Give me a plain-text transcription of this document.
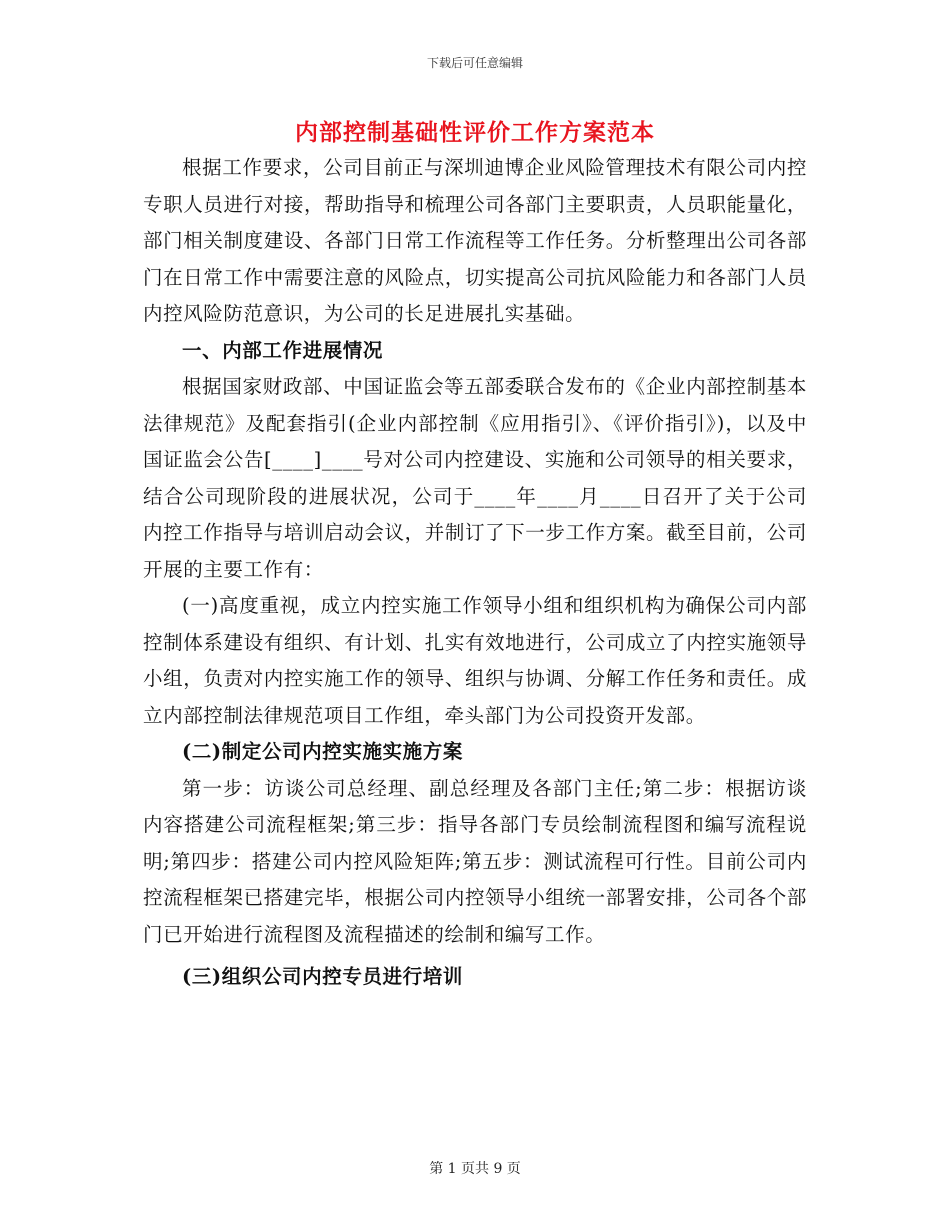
下载后可任意编辑
内部控制基础性评价工作方案范本

根据工作要求，公司目前正与深圳迪博企业风险管理技术有限公司内控专职人员进行对接，帮助指导和梳理公司各部门主要职责，人员职能量化，部门相关制度建设、各部门日常工作流程等工作任务。分析整理出公司各部门在日常工作中需要注意的风险点，切实提高公司抗风险能力和各部门人员内控风险防范意识，为公司的长足进展扎实基础。

一、内部工作进展情况

根据国家财政部、中国证监会等五部委联合发布的《企业内部控制基本法律规范》及配套指引(企业内部控制《应用指引》、《评价指引》)，以及中国证监会公告[____]____号对公司内控建设、实施和公司领导的相关要求，结合公司现阶段的进展状况，公司于____年____月____日召开了关于公司内控工作指导与培训启动会议，并制订了下一步工作方案。截至目前，公司开展的主要工作有：

(一)高度重视，成立内控实施工作领导小组和组织机构为确保公司内部控制体系建设有组织、有计划、扎实有效地进行，公司成立了内控实施领导小组，负责对内控实施工作的领导、组织与协调、分解工作任务和责任。成立内部控制法律规范项目工作组，牵头部门为公司投资开发部。

(二)制定公司内控实施实施方案

第一步：访谈公司总经理、副总经理及各部门主任;第二步：根据访谈内容搭建公司流程框架;第三步：指导各部门专员绘制流程图和编写流程说明;第四步：搭建公司内控风险矩阵;第五步：测试流程可行性。目前公司内控流程框架已搭建完毕，根据公司内控领导小组统一部署安排，公司各个部门已开始进行流程图及流程描述的绘制和编写工作。

(三)组织公司内控专员进行培训

第 1 页共 9 页
